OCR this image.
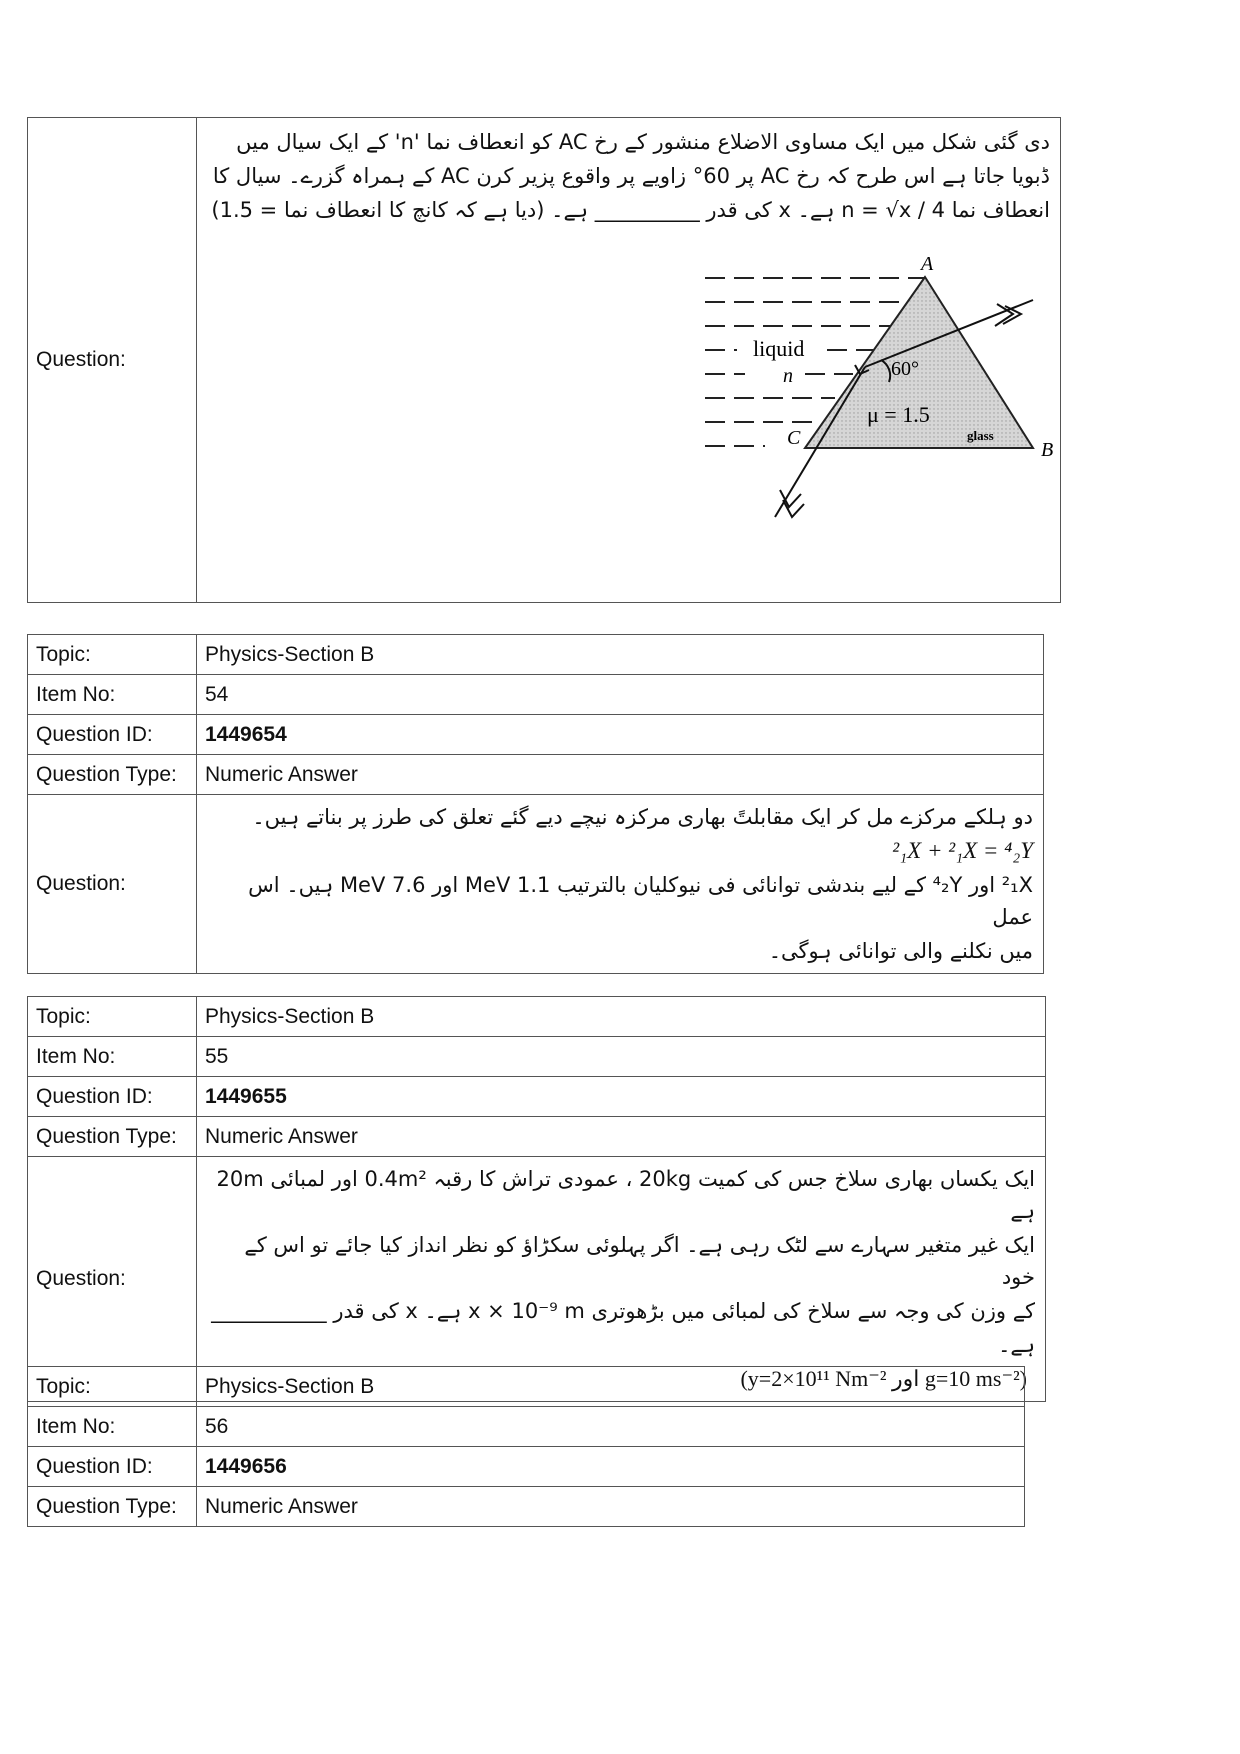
Question:	
دی گئی شکل میں ایک مساوی الاضلاع منشور کے رخ AC کو انعطاف نما 'n' کے ایک سیال میں
ڈبویا جاتا ہے اس طرح کہ رخ AC پر 60° زاویے پر واقوع پزیر کرن AC کے ہمراہ گزرے۔ سیال کا
انعطاف نما n = √x / 4 ہے۔ x کی قدر __________ ہے۔ (دیا ہے کہ کانچ کا انعطاف نما = 1.5)
A
B
C
liquid
n	60°
μ = 1.5
glass
Topic:	Physics-Section B
Item No:	54
Question ID:	1449654
Question Type:	Numeric Answer
Question:	دو ہلکے مرکزے مل کر ایک مقابلتً بھاری مرکزہ نیچے دیے گئے تعلق کی طرز پر بناتے ہیں۔
²₁X + ²₁X = ⁴₂Y
²₁X اور ⁴₂Y کے لیے بندشی توانائی فی نیوکلیان بالترتیب 1.1 MeV اور 7.6 MeV ہیں۔ اس عمل
میں نکلنے والی توانائی ہوگی۔
Topic:	Physics-Section B
Item No:	55
Question ID:	1449655
Question Type:	Numeric Answer
Question:	ایک یکساں بھاری سلاخ جس کی کمیت 20kg ، عمودی تراش کا رقبہ 0.4m² اور لمبائی 20m ہے
ایک غیر متغیر سہارے سے لٹک رہی ہے۔ اگر پہلوئی سکڑاؤ کو نظر انداز کیا جائے تو اس کے خود
کے وزن کی وجہ سے سلاخ کی لمبائی میں بڑھوتری x × 10⁻⁹ m ہے۔ x کی قدر ___________
ہے۔
(g=10 ms⁻² اور y=2×10¹¹ Nm⁻²)
Topic:	Physics-Section B
Item No:	56
Question ID:	1449656
Question Type:	Numeric Answer
